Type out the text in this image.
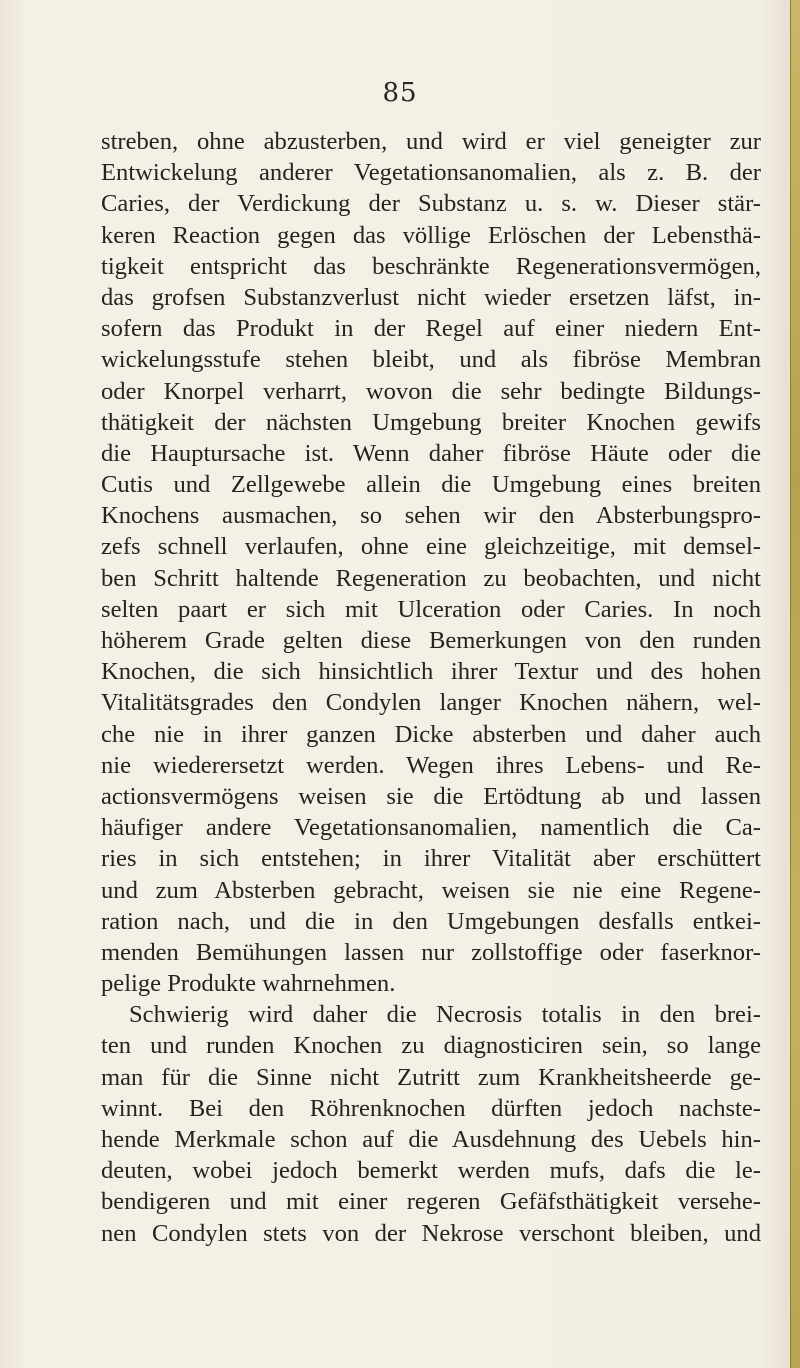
85
streben, ohne abzusterben, und wird er viel geneigter zur
Entwickelung anderer Vegetationsanomalien, als z. B. der
Caries, der Verdickung der Substanz u. s. w. Dieser stär-
keren Reaction gegen das völlige Erlöschen der Lebensthä-
tigkeit entspricht das beschränkte Regenerationsvermögen,
das grofsen Substanzverlust nicht wieder ersetzen läfst, in-
sofern das Produkt in der Regel auf einer niedern Ent-
wickelungsstufe stehen bleibt, und als fibröse Membran
oder Knorpel verharrt, wovon die sehr bedingte Bildungs-
thätigkeit der nächsten Umgebung breiter Knochen gewifs
die Hauptursache ist. Wenn daher fibröse Häute oder die
Cutis und Zellgewebe allein die Umgebung eines breiten
Knochens ausmachen, so sehen wir den Absterbungspro-
zefs schnell verlaufen, ohne eine gleichzeitige, mit demsel-
ben Schritt haltende Regeneration zu beobachten, und nicht
selten paart er sich mit Ulceration oder Caries. In noch
höherem Grade gelten diese Bemerkungen von den runden
Knochen, die sich hinsichtlich ihrer Textur und des hohen
Vitalitätsgrades den Condylen langer Knochen nähern, wel-
che nie in ihrer ganzen Dicke absterben und daher auch
nie wiederersetzt werden. Wegen ihres Lebens- und Re-
actionsvermögens weisen sie die Ertödtung ab und lassen
häufiger andere Vegetationsanomalien, namentlich die Ca-
ries in sich entstehen; in ihrer Vitalität aber erschüttert
und zum Absterben gebracht, weisen sie nie eine Regene-
ration nach, und die in den Umgebungen desfalls entkei-
menden Bemühungen lassen nur zollstoffige oder faserknor-
pelige Produkte wahrnehmen.
Schwierig wird daher die Necrosis totalis in den brei-
ten und runden Knochen zu diagnosticiren sein, so lange
man für die Sinne nicht Zutritt zum Krankheitsheerde ge-
winnt. Bei den Röhrenknochen dürften jedoch nachste-
hende Merkmale schon auf die Ausdehnung des Uebels hin-
deuten, wobei jedoch bemerkt werden mufs, dafs die le-
bendigeren und mit einer regeren Gefäfsthätigkeit versehe-
nen Condylen stets von der Nekrose verschont bleiben, und
